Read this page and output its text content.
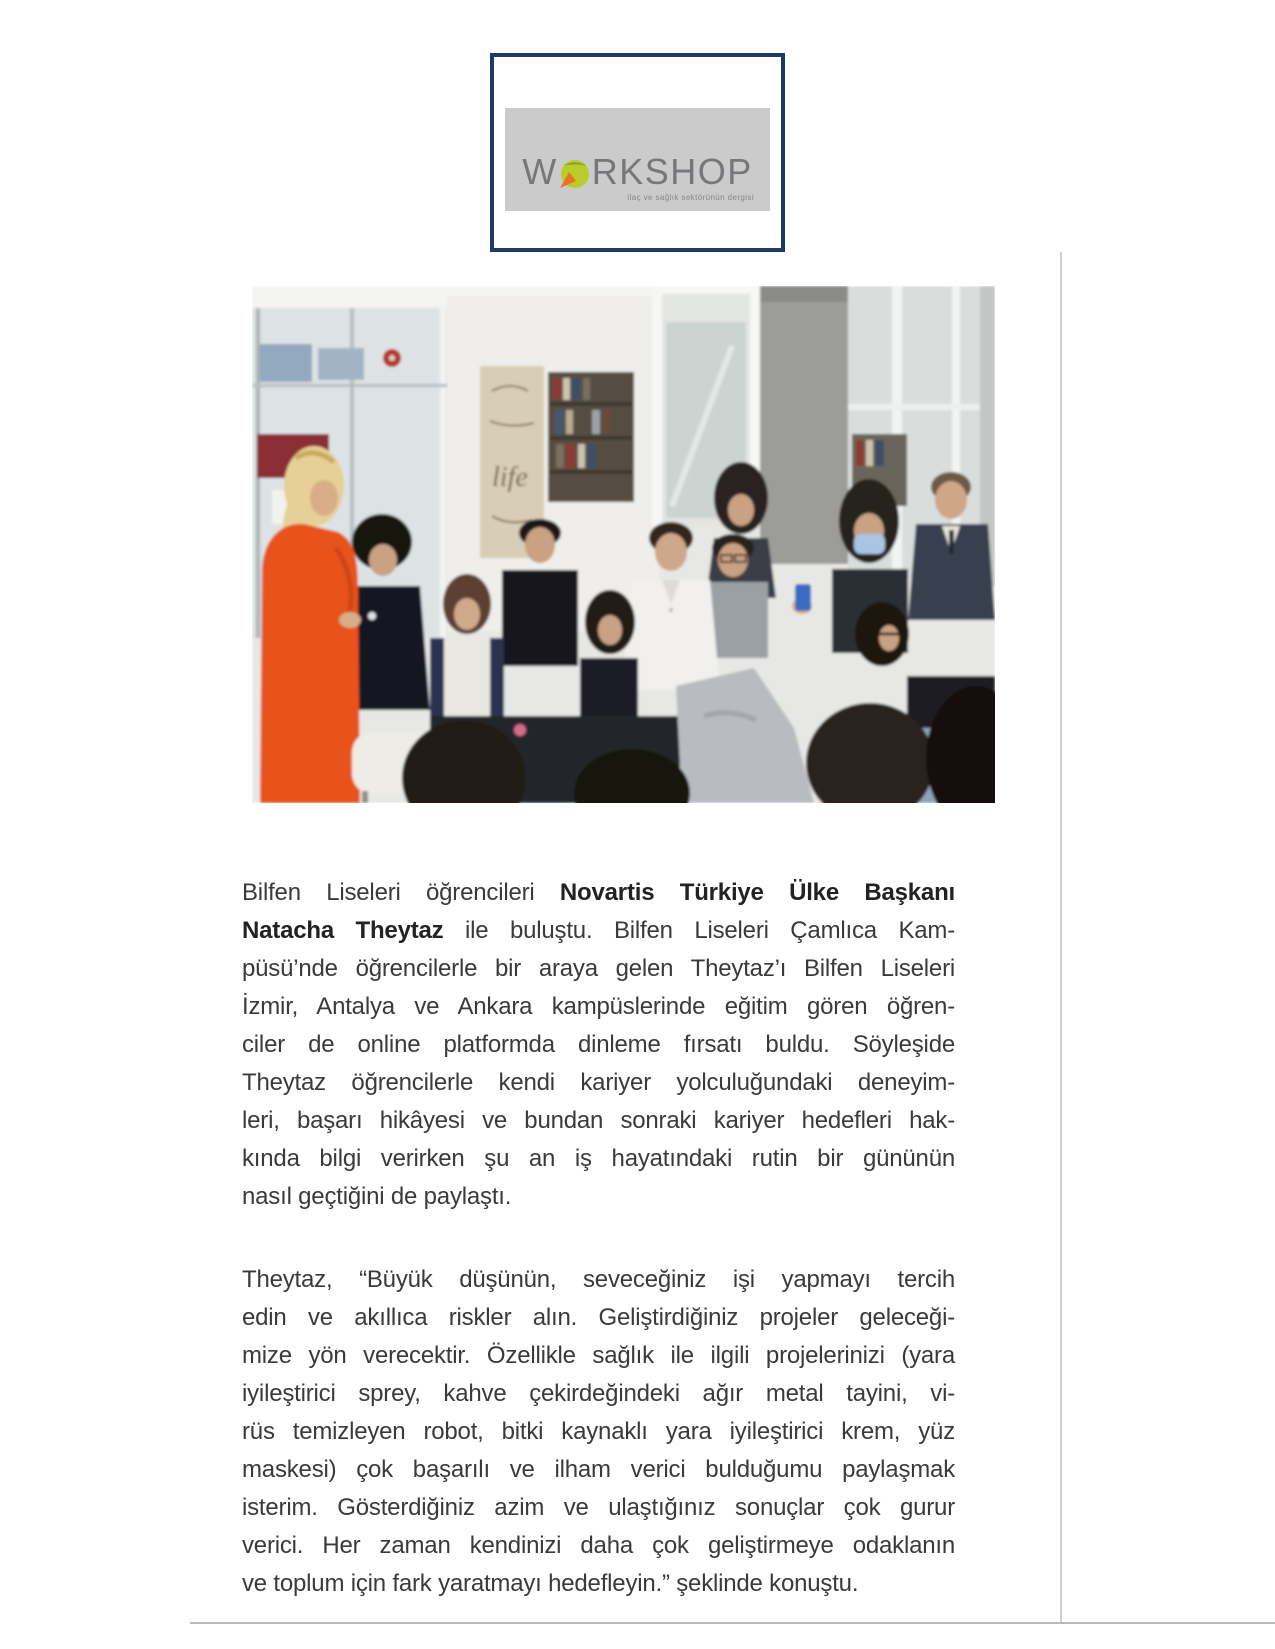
W RKSHOP
ilaç ve sağlık sektörünün dergisi
life
Bilfen Liseleri öğrencileri Novartis Türkiye Ülke Başkanı
Natacha Theytaz ile buluştu. Bilfen Liseleri Çamlıca Kam-
püsü’nde öğrencilerle bir araya gelen Theytaz’ı Bilfen Liseleri
İzmir, Antalya ve Ankara kampüslerinde eğitim gören öğren-
ciler de online platformda dinleme fırsatı buldu. Söyleşide
Theytaz öğrencilerle kendi kariyer yolculuğundaki deneyim-
leri, başarı hikâyesi ve bundan sonraki kariyer hedefleri hak-
kında bilgi verirken şu an iş hayatındaki rutin bir gününün
nasıl geçtiğini de paylaştı.
Theytaz, “Büyük düşünün, seveceğiniz işi yapmayı tercih
edin ve akıllıca riskler alın. Geliştirdiğiniz projeler geleceği-
mize yön verecektir. Özellikle sağlık ile ilgili projelerinizi (yara
iyileştirici sprey, kahve çekirdeğindeki ağır metal tayini, vi-
rüs temizleyen robot, bitki kaynaklı yara iyileştirici krem, yüz
maskesi) çok başarılı ve ilham verici bulduğumu paylaşmak
isterim. Gösterdiğiniz azim ve ulaştığınız sonuçlar çok gurur
verici. Her zaman kendinizi daha çok geliştirmeye odaklanın
ve toplum için fark yaratmayı hedefleyin.” şeklinde konuştu.
